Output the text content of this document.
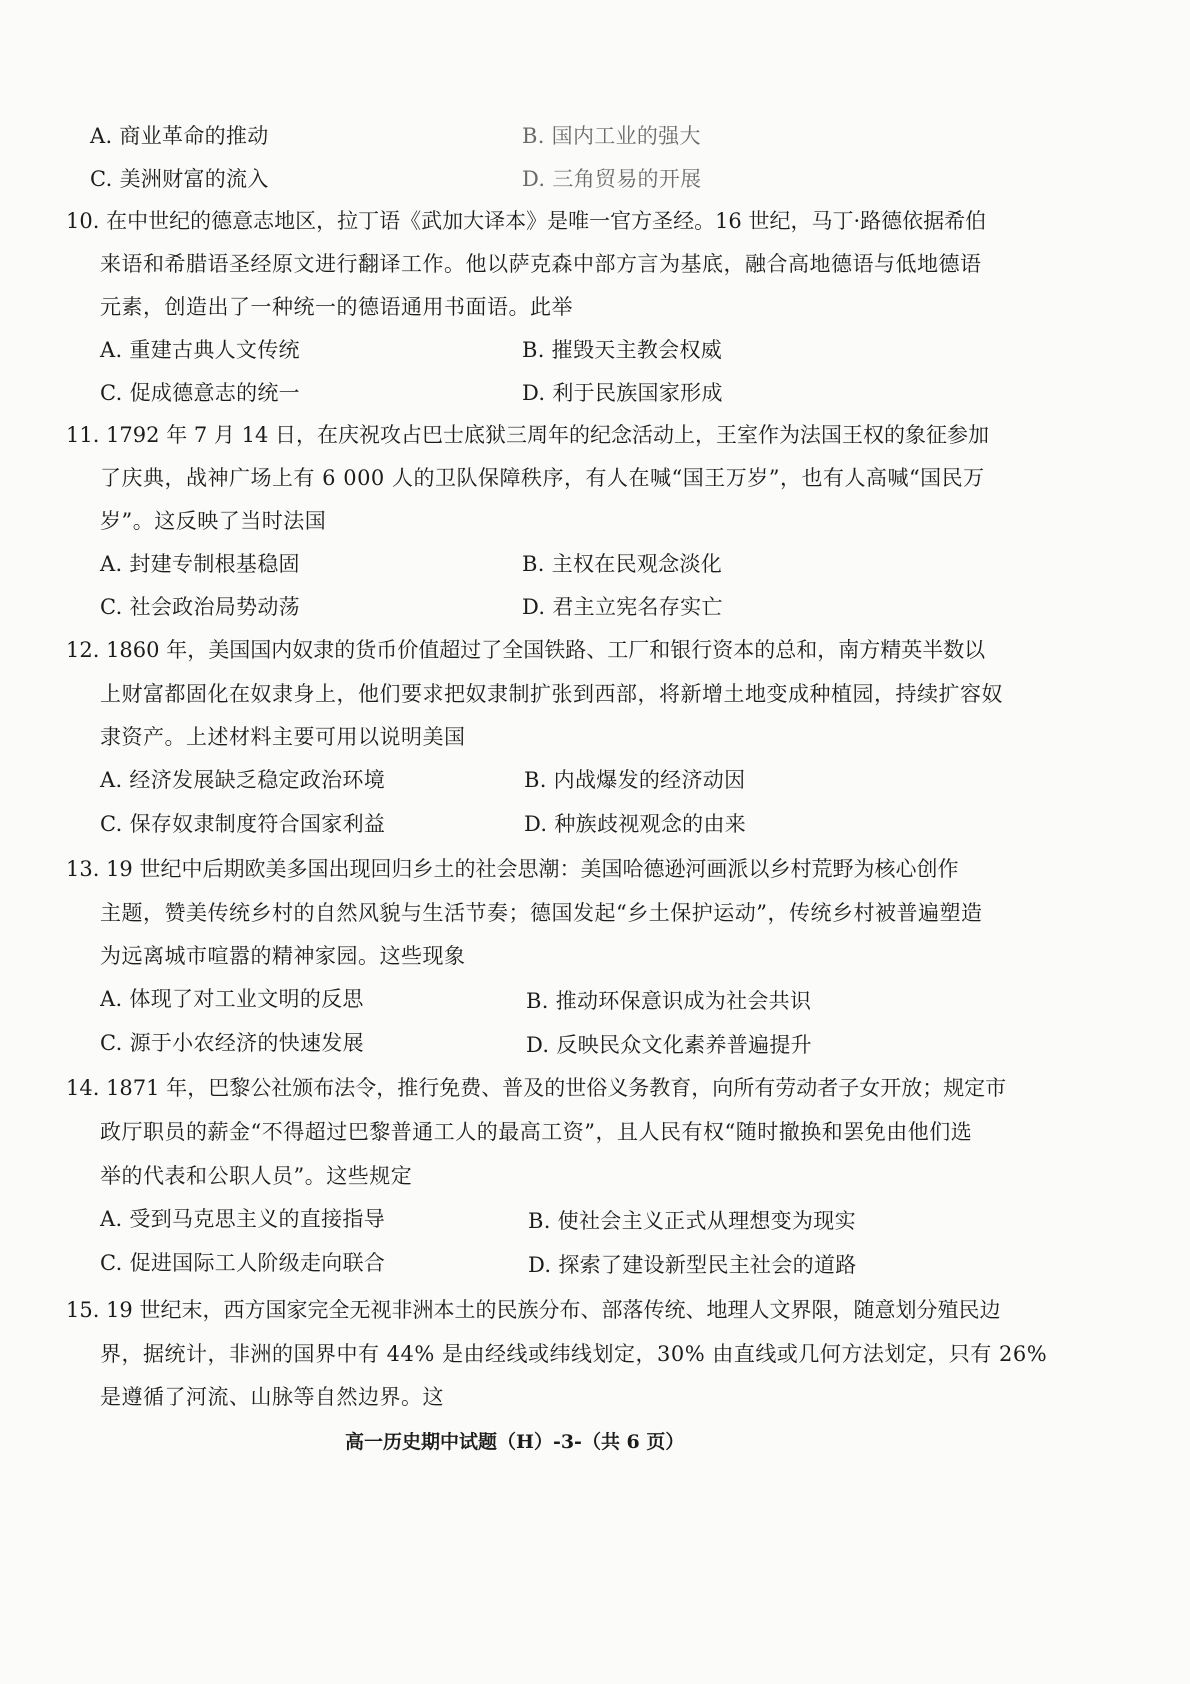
A. 商业革命的推动	B. 国内工业的强大
C. 美洲财富的流入	D. 三角贸易的开展
10. 在中世纪的德意志地区，拉丁语《武加大译本》是唯一官方圣经。16 世纪，马丁·路德依据希伯
来语和希腊语圣经原文进行翻译工作。他以萨克森中部方言为基底，融合高地德语与低地德语
元素，创造出了一种统一的德语通用书面语。此举
A. 重建古典人文传统	B. 摧毁天主教会权威
C. 促成德意志的统一	D. 利于民族国家形成
11. 1792 年 7 月 14 日，在庆祝攻占巴士底狱三周年的纪念活动上，王室作为法国王权的象征参加
了庆典，战神广场上有 6 000 人的卫队保障秩序，有人在喊“国王万岁”，也有人高喊“国民万
岁”。这反映了当时法国
A. 封建专制根基稳固	B. 主权在民观念淡化
C. 社会政治局势动荡	D. 君主立宪名存实亡
12. 1860 年，美国国内奴隶的货币价值超过了全国铁路、工厂和银行资本的总和，南方精英半数以
上财富都固化在奴隶身上，他们要求把奴隶制扩张到西部，将新增土地变成种植园，持续扩容奴
隶资产。上述材料主要可用以说明美国
A. 经济发展缺乏稳定政治环境	B. 内战爆发的经济动因
C. 保存奴隶制度符合国家利益	D. 种族歧视观念的由来
13. 19 世纪中后期欧美多国出现回归乡土的社会思潮：美国哈德逊河画派以乡村荒野为核心创作
主题，赞美传统乡村的自然风貌与生活节奏；德国发起“乡土保护运动”，传统乡村被普遍塑造
为远离城市喧嚣的精神家园。这些现象
A. 体现了对工业文明的反思	B. 推动环保意识成为社会共识
C. 源于小农经济的快速发展	D. 反映民众文化素养普遍提升
14. 1871 年，巴黎公社颁布法令，推行免费、普及的世俗义务教育，向所有劳动者子女开放；规定市
政厅职员的薪金“不得超过巴黎普通工人的最高工资”，且人民有权“随时撤换和罢免由他们选
举的代表和公职人员”。这些规定
A. 受到马克思主义的直接指导	B. 使社会主义正式从理想变为现实
C. 促进国际工人阶级走向联合	D. 探索了建设新型民主社会的道路
15. 19 世纪末，西方国家完全无视非洲本土的民族分布、部落传统、地理人文界限，随意划分殖民边
界，据统计，非洲的国界中有 44% 是由经线或纬线划定，30% 由直线或几何方法划定，只有 26%
是遵循了河流、山脉等自然边界。这
高一历史期中试题（H）-3-（共 6 页）
